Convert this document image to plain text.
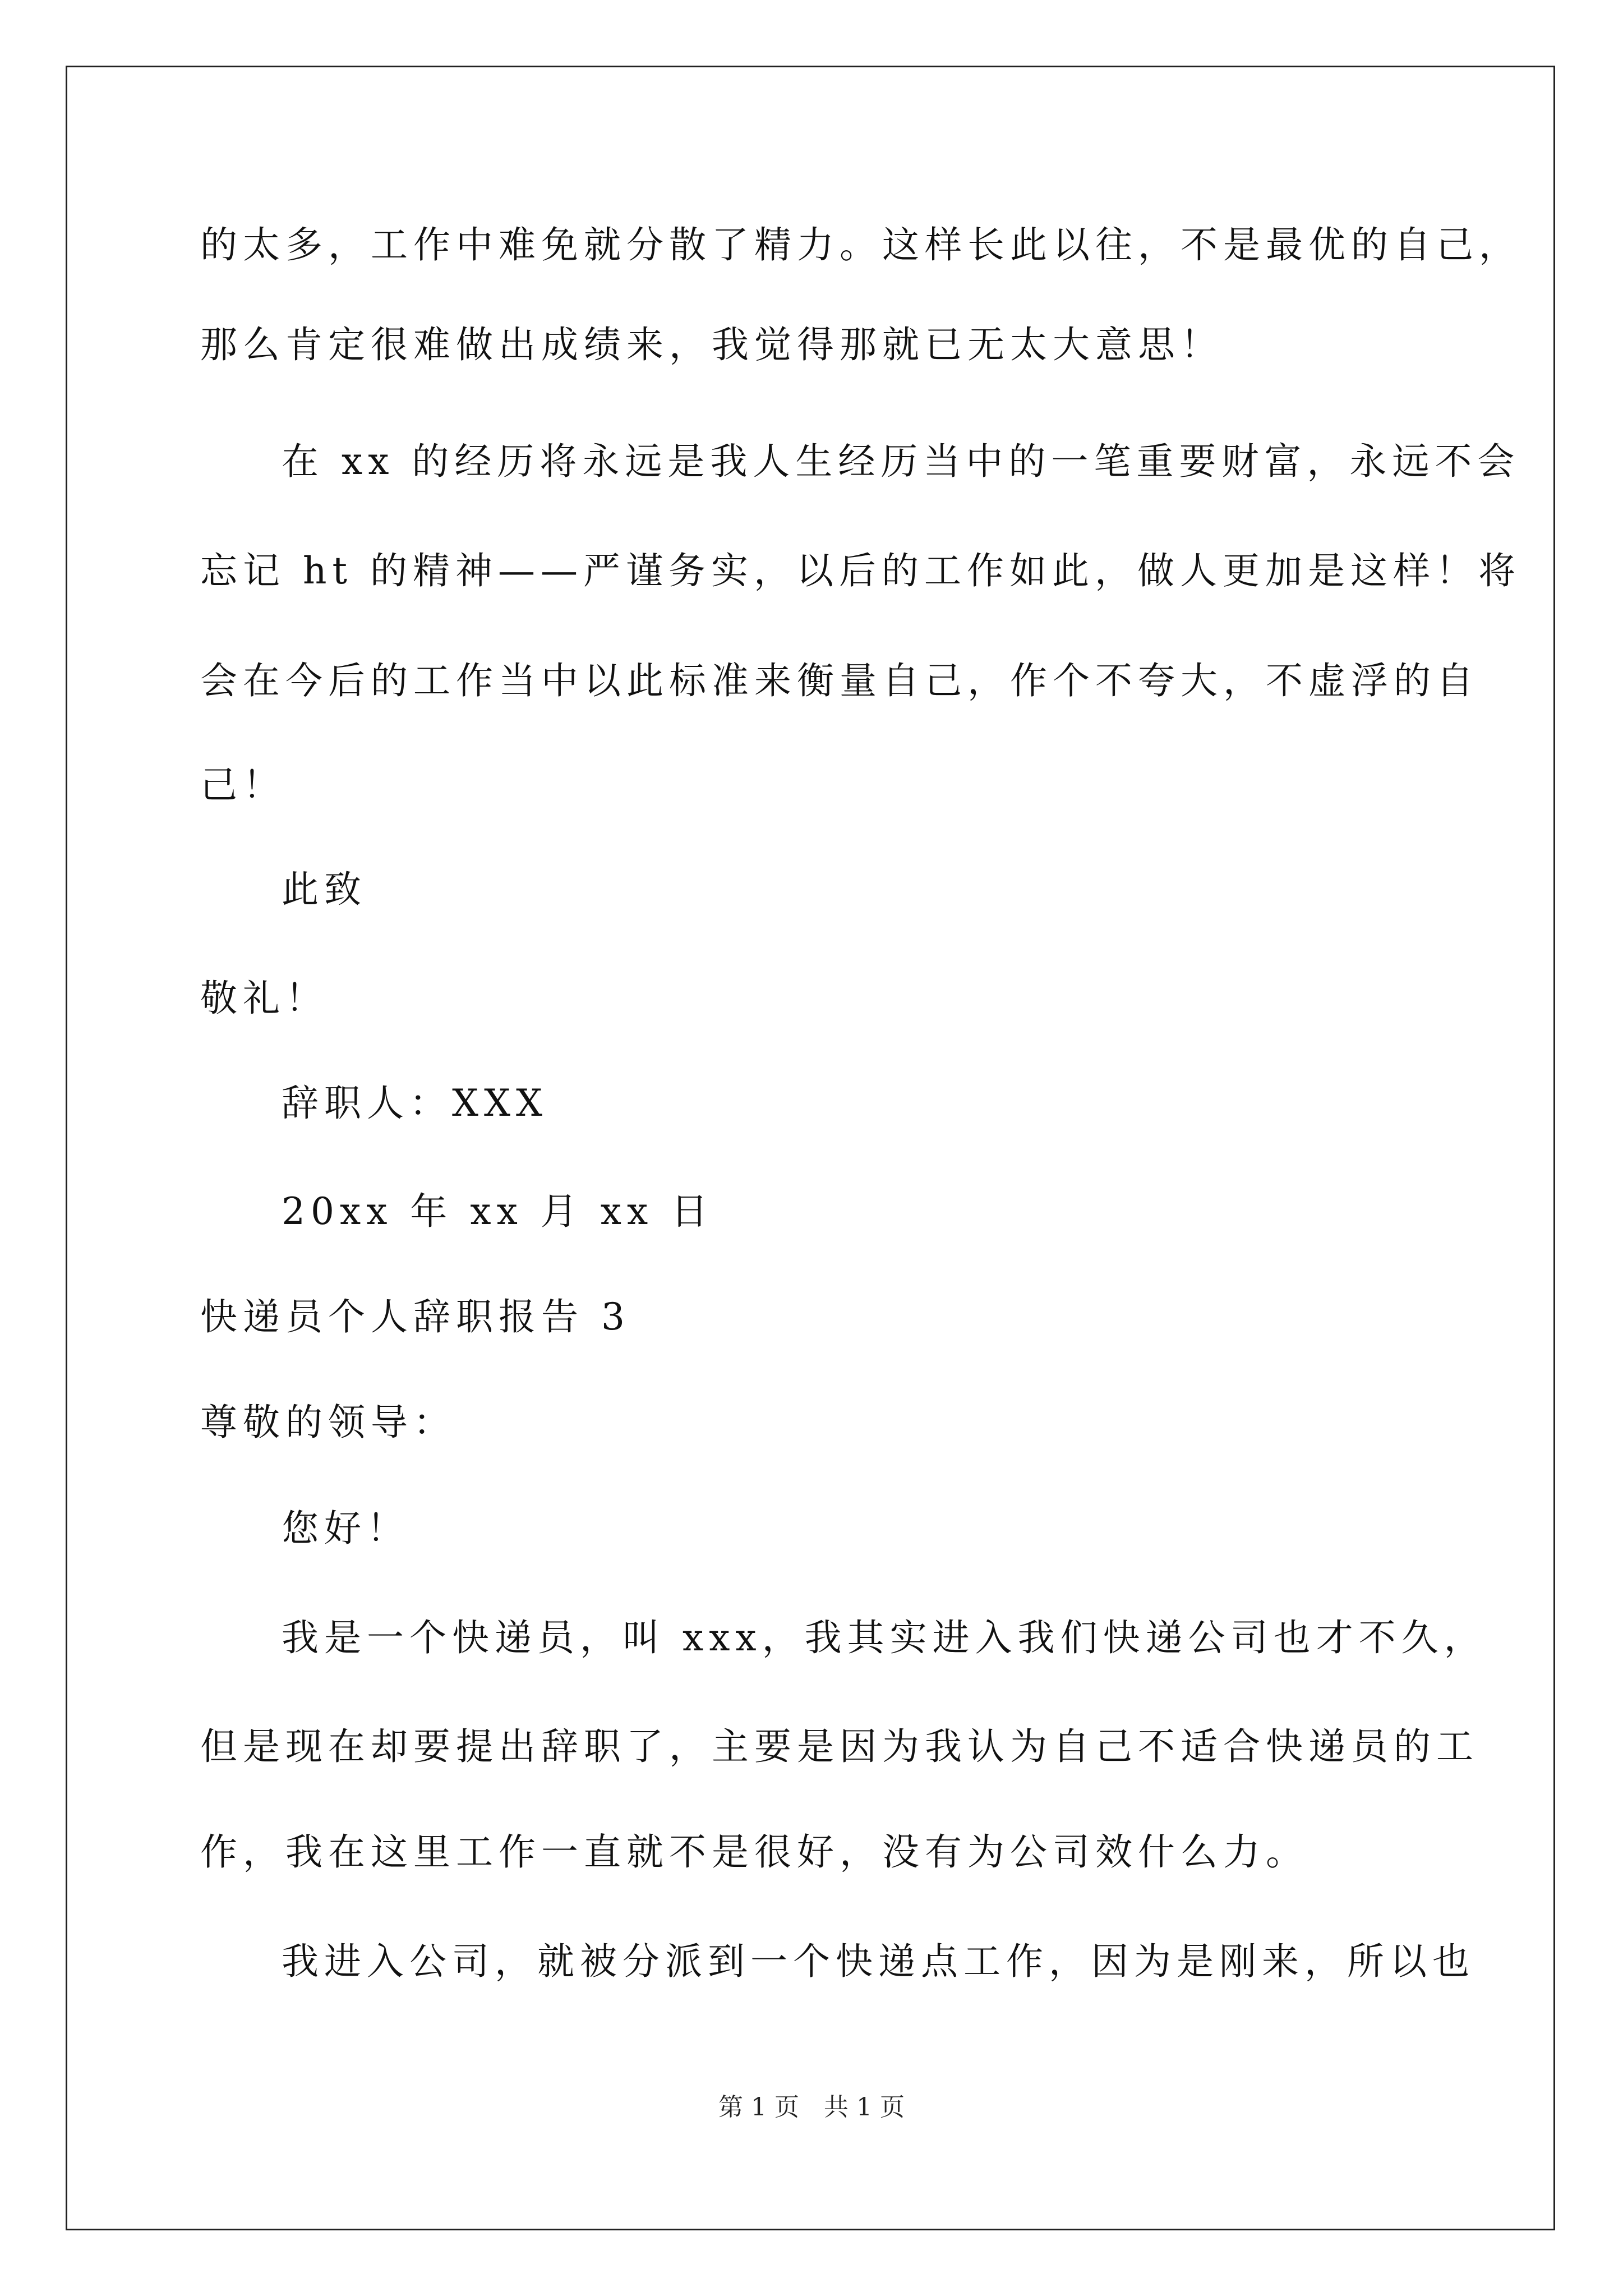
的太多，工作中难免就分散了精力。这样长此以往，不是最优的自己，
那么肯定很难做出成绩来，我觉得那就已无太大意思！
在 xx 的经历将永远是我人生经历当中的一笔重要财富，永远不会
忘记 ht 的精神——严谨务实，以后的工作如此，做人更加是这样！将
会在今后的工作当中以此标准来衡量自己，作个不夸大，不虚浮的自
己！
此致
敬礼！
辞职人：XXX
20xx 年 xx 月 xx 日
快递员个人辞职报告 3
尊敬的领导：
您好！
我是一个快递员，叫 xxx，我其实进入我们快递公司也才不久，
但是现在却要提出辞职了，主要是因为我认为自己不适合快递员的工
作，我在这里工作一直就不是很好，没有为公司效什么力。
我进入公司，就被分派到一个快递点工作，因为是刚来，所以也
第 1 页　共 1 页
